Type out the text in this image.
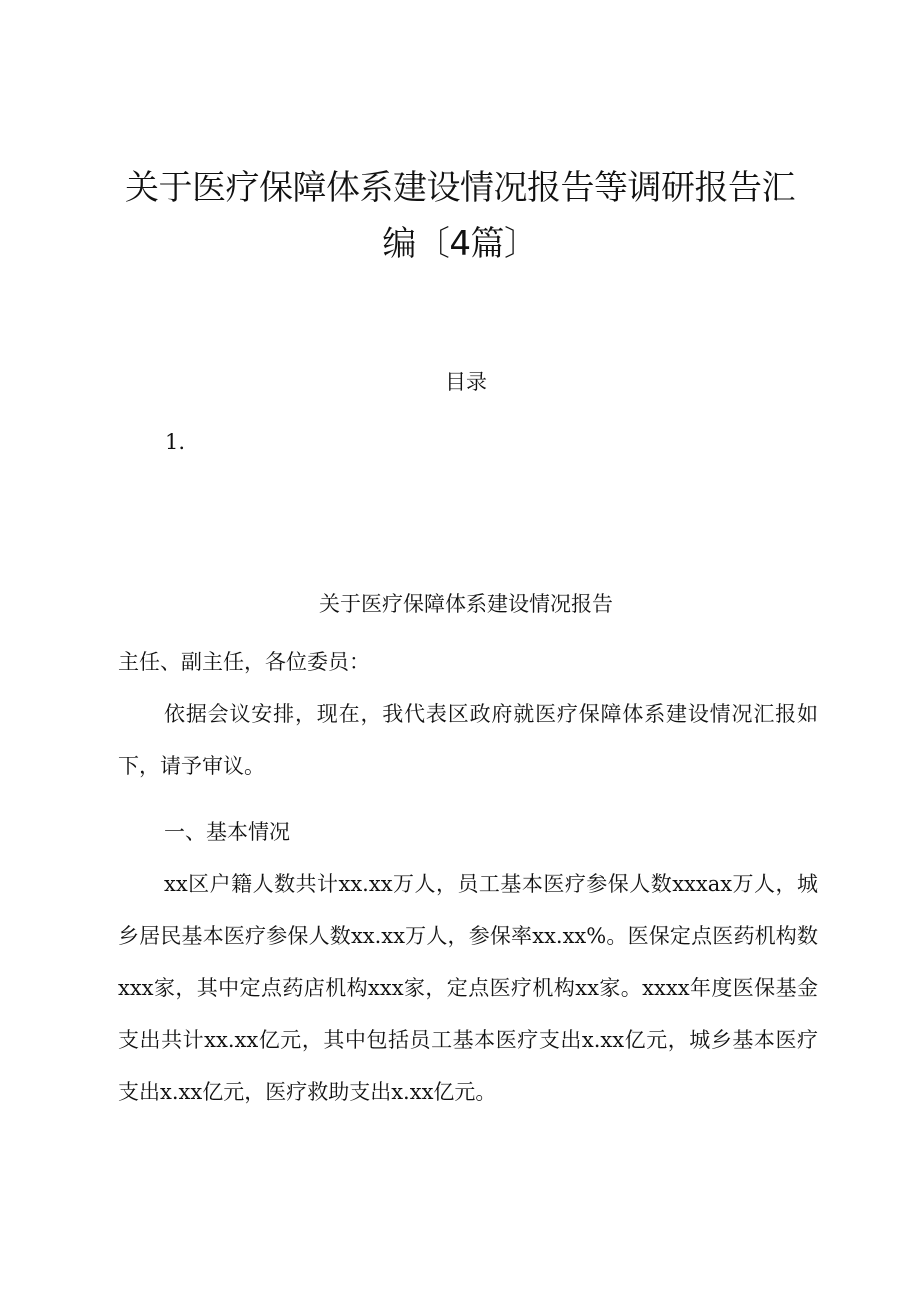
关于医疗保障体系建设情况报告等调研报告汇编〔4篇〕
目录
1.
关于医疗保障体系建设情况报告

主任、副主任，各位委员：

依据会议安排，现在，我代表区政府就医疗保障体系建设情况汇报如下，请予审议。

一、基本情况

xx区户籍人数共计xx.xx万人，员工基本医疗参保人数xxxax万人，城乡居民基本医疗参保人数xx.xx万人，参保率xx.xx%。医保定点医药机构数xxx家，其中定点药店机构xxx家，定点医疗机构xx家。xxxx年度医保基金支出共计xx.xx亿元，其中包括员工基本医疗支出x.xx亿元，城乡基本医疗支出x.xx亿元，医疗救助支出x.xx亿元。
